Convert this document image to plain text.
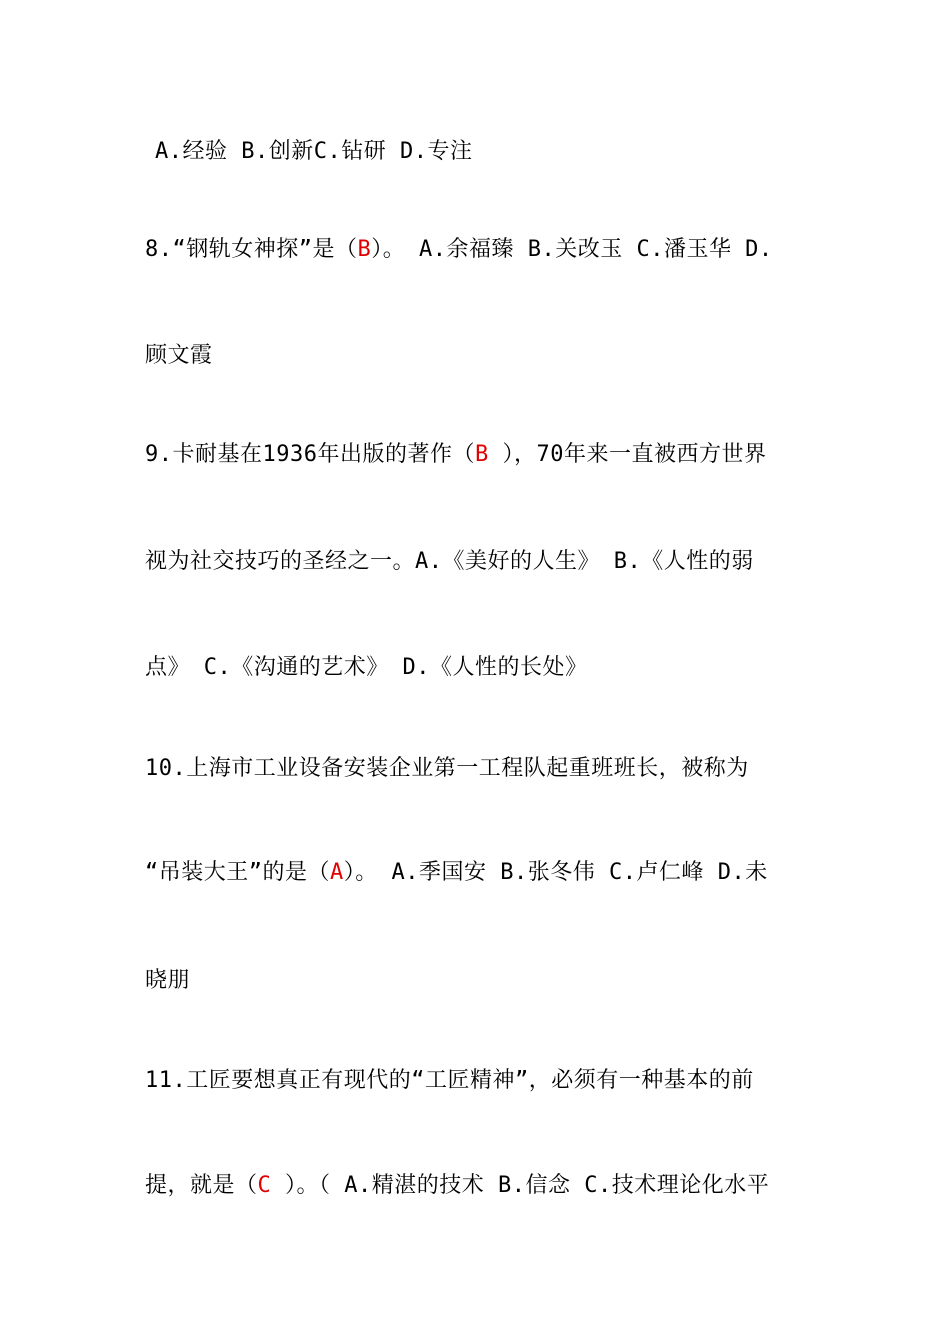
A.经验 B.创新C.钻研 D.专注
8.“钢轨女神探”是（B）。 A.余福臻 B.关改玉 C.潘玉华 D.
顾文霞
9.卡耐基在1936年出版的著作（B ），70年来一直被西方世界
视为社交技巧的圣经之一。A.《美好的人生》 B.《人性的弱
点》 C.《沟通的艺术》 D.《人性的长处》
10.上海市工业设备安装企业第一工程队起重班班长，被称为
“吊装大王”的是（A）。 A.季国安 B.张冬伟 C.卢仁峰 D.未
晓朋
11.工匠要想真正有现代的“工匠精神”，必须有一种基本的前
提，就是（C ）。（ A.精湛的技术 B.信念 C.技术理论化水平
